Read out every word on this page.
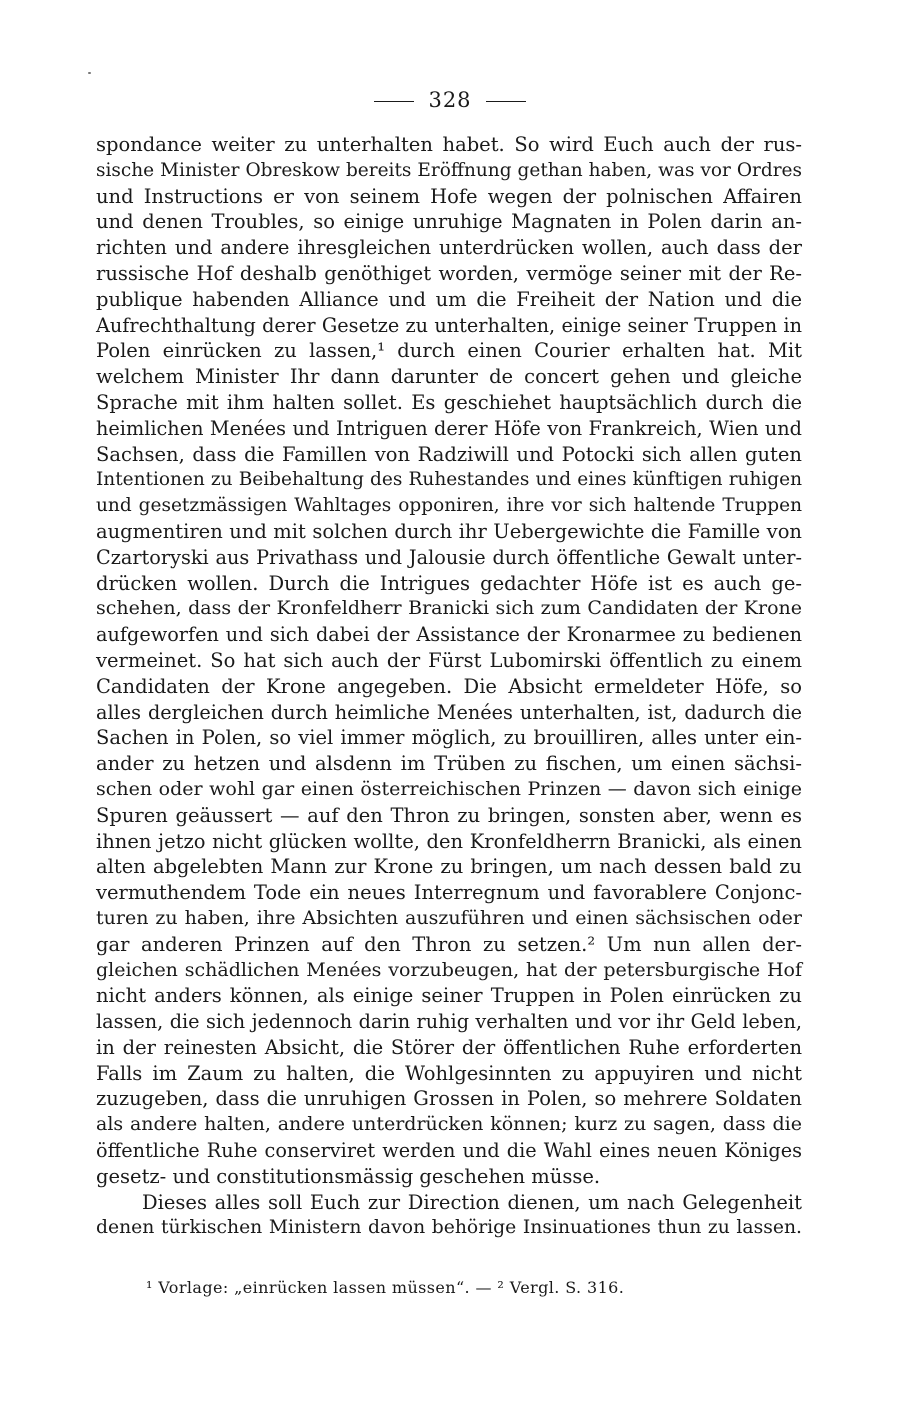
328
spondance weiter zu unterhalten habet. So wird Euch auch der rus-
sische Minister Obreskow bereits Eröffnung gethan haben, was vor Ordres
und Instructions er von seinem Hofe wegen der polnischen Affairen
und denen Troubles, so einige unruhige Magnaten in Polen darin an-
richten und andere ihresgleichen unterdrücken wollen, auch dass der
russische Hof deshalb genöthiget worden, vermöge seiner mit der Re-
publique habenden Alliance und um die Freiheit der Nation und die
Aufrechthaltung derer Gesetze zu unterhalten, einige seiner Truppen in
Polen einrücken zu lassen,¹ durch einen Courier erhalten hat. Mit
welchem Minister Ihr dann darunter de concert gehen und gleiche
Sprache mit ihm halten sollet. Es geschiehet hauptsächlich durch die
heimlichen Menées und Intriguen derer Höfe von Frankreich, Wien und
Sachsen, dass die Famillen von Radziwill und Potocki sich allen guten
Intentionen zu Beibehaltung des Ruhestandes und eines künftigen ruhigen
und gesetzmässigen Wahltages opponiren, ihre vor sich haltende Truppen
augmentiren und mit solchen durch ihr Uebergewichte die Famille von
Czartoryski aus Privathass und Jalousie durch öffentliche Gewalt unter-
drücken wollen. Durch die Intrigues gedachter Höfe ist es auch ge-
schehen, dass der Kronfeldherr Branicki sich zum Candidaten der Krone
aufgeworfen und sich dabei der Assistance der Kronarmee zu bedienen
vermeinet. So hat sich auch der Fürst Lubomirski öffentlich zu einem
Candidaten der Krone angegeben. Die Absicht ermeldeter Höfe, so
alles dergleichen durch heimliche Menées unterhalten, ist, dadurch die
Sachen in Polen, so viel immer möglich, zu brouilliren, alles unter ein-
ander zu hetzen und alsdenn im Trüben zu fischen, um einen sächsi-
schen oder wohl gar einen österreichischen Prinzen — davon sich einige
Spuren geäussert — auf den Thron zu bringen, sonsten aber, wenn es
ihnen jetzo nicht glücken wollte, den Kronfeldherrn Branicki, als einen
alten abgelebten Mann zur Krone zu bringen, um nach dessen bald zu
vermuthendem Tode ein neues Interregnum und favorablere Conjonc-
turen zu haben, ihre Absichten auszuführen und einen sächsischen oder
gar anderen Prinzen auf den Thron zu setzen.² Um nun allen der-
gleichen schädlichen Menées vorzubeugen, hat der petersburgische Hof
nicht anders können, als einige seiner Truppen in Polen einrücken zu
lassen, die sich jedennoch darin ruhig verhalten und vor ihr Geld leben,
in der reinesten Absicht, die Störer der öffentlichen Ruhe erforderten
Falls im Zaum zu halten, die Wohlgesinnten zu appuyiren und nicht
zuzugeben, dass die unruhigen Grossen in Polen, so mehrere Soldaten
als andere halten, andere unterdrücken können; kurz zu sagen, dass die
öffentliche Ruhe conserviret werden und die Wahl eines neuen Königes
gesetz- und constitutionsmässig geschehen müsse.
Dieses alles soll Euch zur Direction dienen, um nach Gelegenheit
denen türkischen Ministern davon behörige Insinuationes thun zu lassen.
¹ Vorlage: „einrücken lassen müssen“. — ² Vergl. S. 316.
